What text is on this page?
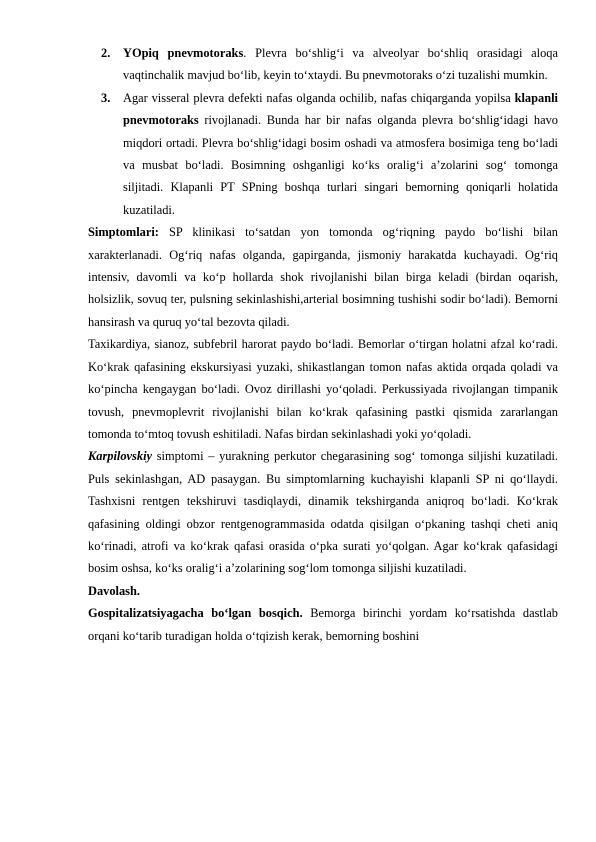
2. YOpiq pnevmotoraks. Plevra bo‘shlig‘i va alveolyar bo‘shliq orasidagi aloqa vaqtinchalik mavjud bo‘lib, keyin to‘xtaydi. Bu pnevmotoraks o‘zi tuzalishi mumkin.

3. Agar visseral plevra defekti nafas olganda ochilib, nafas chiqarganda yopilsa klapanli pnevmotoraks rivojlanadi. Bunda har bir nafas olganda plevra bo‘shlig‘idagi havo miqdori ortadi. Plevra bo‘shlig‘idagi bosim oshadi va atmosfera bosimiga teng bo‘ladi va musbat bo‘ladi. Bosimning oshganligi ko‘ks oralig‘i a’zolarini sog‘ tomonga siljitadi. Klapanli PT SPning boshqa turlari singari bemorning qoniqarli holatida kuzatiladi.

Simptomlari: SP klinikasi to‘satdan yon tomonda og‘riqning paydo bo‘lishi bilan xarakterlanadi. Og‘riq nafas olganda, gapirganda, jismoniy harakatda kuchayadi. Og‘riq intensiv, davomli va ko‘p hollarda shok rivojlanishi bilan birga keladi (birdan oqarish, holsizlik, sovuq ter, pulsning sekinlashishi,arterial bosimning tushishi sodir bo‘ladi). Bemorni hansirash va quruq yo‘tal bezovta qiladi.

Taxikardiya, sianoz, subfebril harorat paydo bo‘ladi. Bemorlar o‘tirgan holatni afzal ko‘radi. Ko‘krak qafasining ekskursiyasi yuzaki, shikastlangan tomon nafas aktida orqada qoladi va ko‘pincha kengaygan bo‘ladi. Ovoz dirillashi yo‘qoladi. Perkussiyada rivojlangan timpanik tovush, pnevmoplevrit rivojlanishi bilan ko‘krak qafasining pastki qismida zararlangan tomonda to‘mtoq tovush eshitiladi. Nafas birdan sekinlashadi yoki yo‘qoladi.

Karpilovskiy simptomi – yurakning perkutor chegarasining sog‘ tomonga siljishi kuzatiladi. Puls sekinlashgan, AD pasaygan. Bu simptomlarning kuchayishi klapanli SP ni qo‘llaydi. Tashxisni rentgen tekshiruvi tasdiqlaydi, dinamik tekshirganda aniqroq bo‘ladi. Ko‘krak qafasining oldingi obzor rentgenogrammasida odatda qisilgan o‘pkaning tashqi cheti aniq ko‘rinadi, atrofi va ko‘krak qafasi orasida o‘pka surati yo‘qolgan. Agar ko‘krak qafasidagi bosim oshsa, ko‘ks oralig‘i a’zolarining sog‘lom tomonga siljishi kuzatiladi.

Davolash.

Gospitalizatsiyagacha bo‘lgan bosqich. Bemorga birinchi yordam ko‘rsatishda dastlab orqani ko‘tarib turadigan holda o‘tqizish kerak, bemorning boshini
